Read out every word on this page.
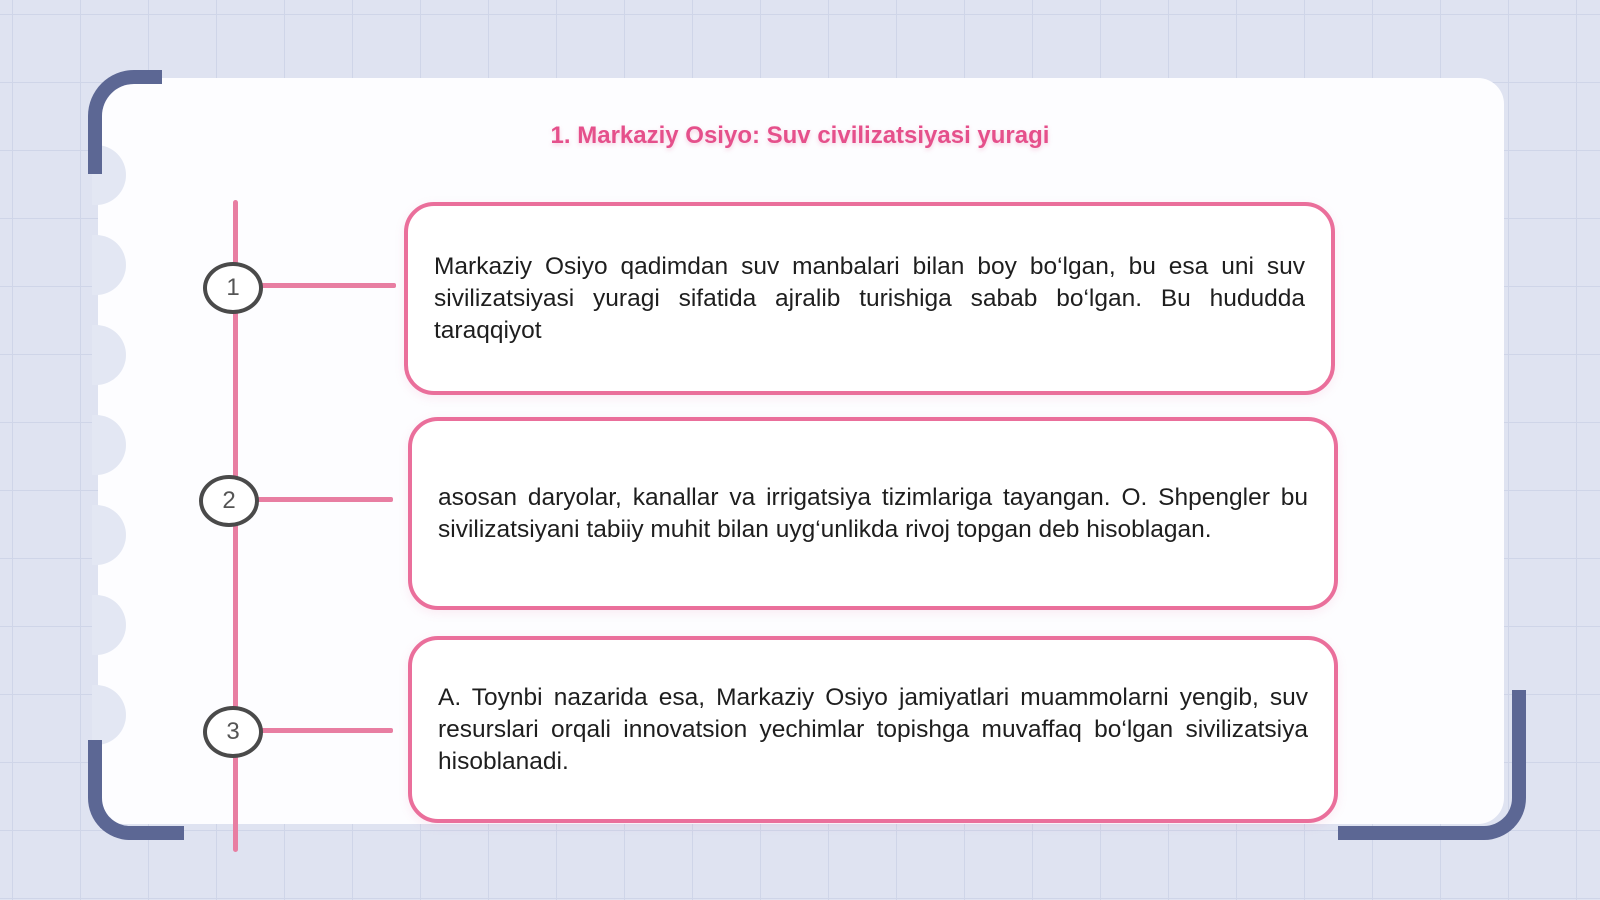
1. Markaziy Osiyo: Suv civilizatsiyasi yuragi
1
2
3

Markaziy Osiyo qadimdan suv manbalari bilan boy bo‘lgan, bu esa uni suv sivilizatsiyasi yuragi sifatida ajralib turishiga sabab bo‘lgan. Bu hududda taraqqiyot

asosan daryolar, kanallar va irrigatsiya tizimlariga tayangan. O. Shpengler bu sivilizatsiyani tabiiy muhit bilan uyg‘unlikda rivoj topgan deb hisoblagan.

A. Toynbi nazarida esa, Markaziy Osiyo jamiyatlari muammolarni yengib, suv resurslari orqali innovatsion yechimlar topishga muvaffaq bo‘lgan sivilizatsiya hisoblanadi.
